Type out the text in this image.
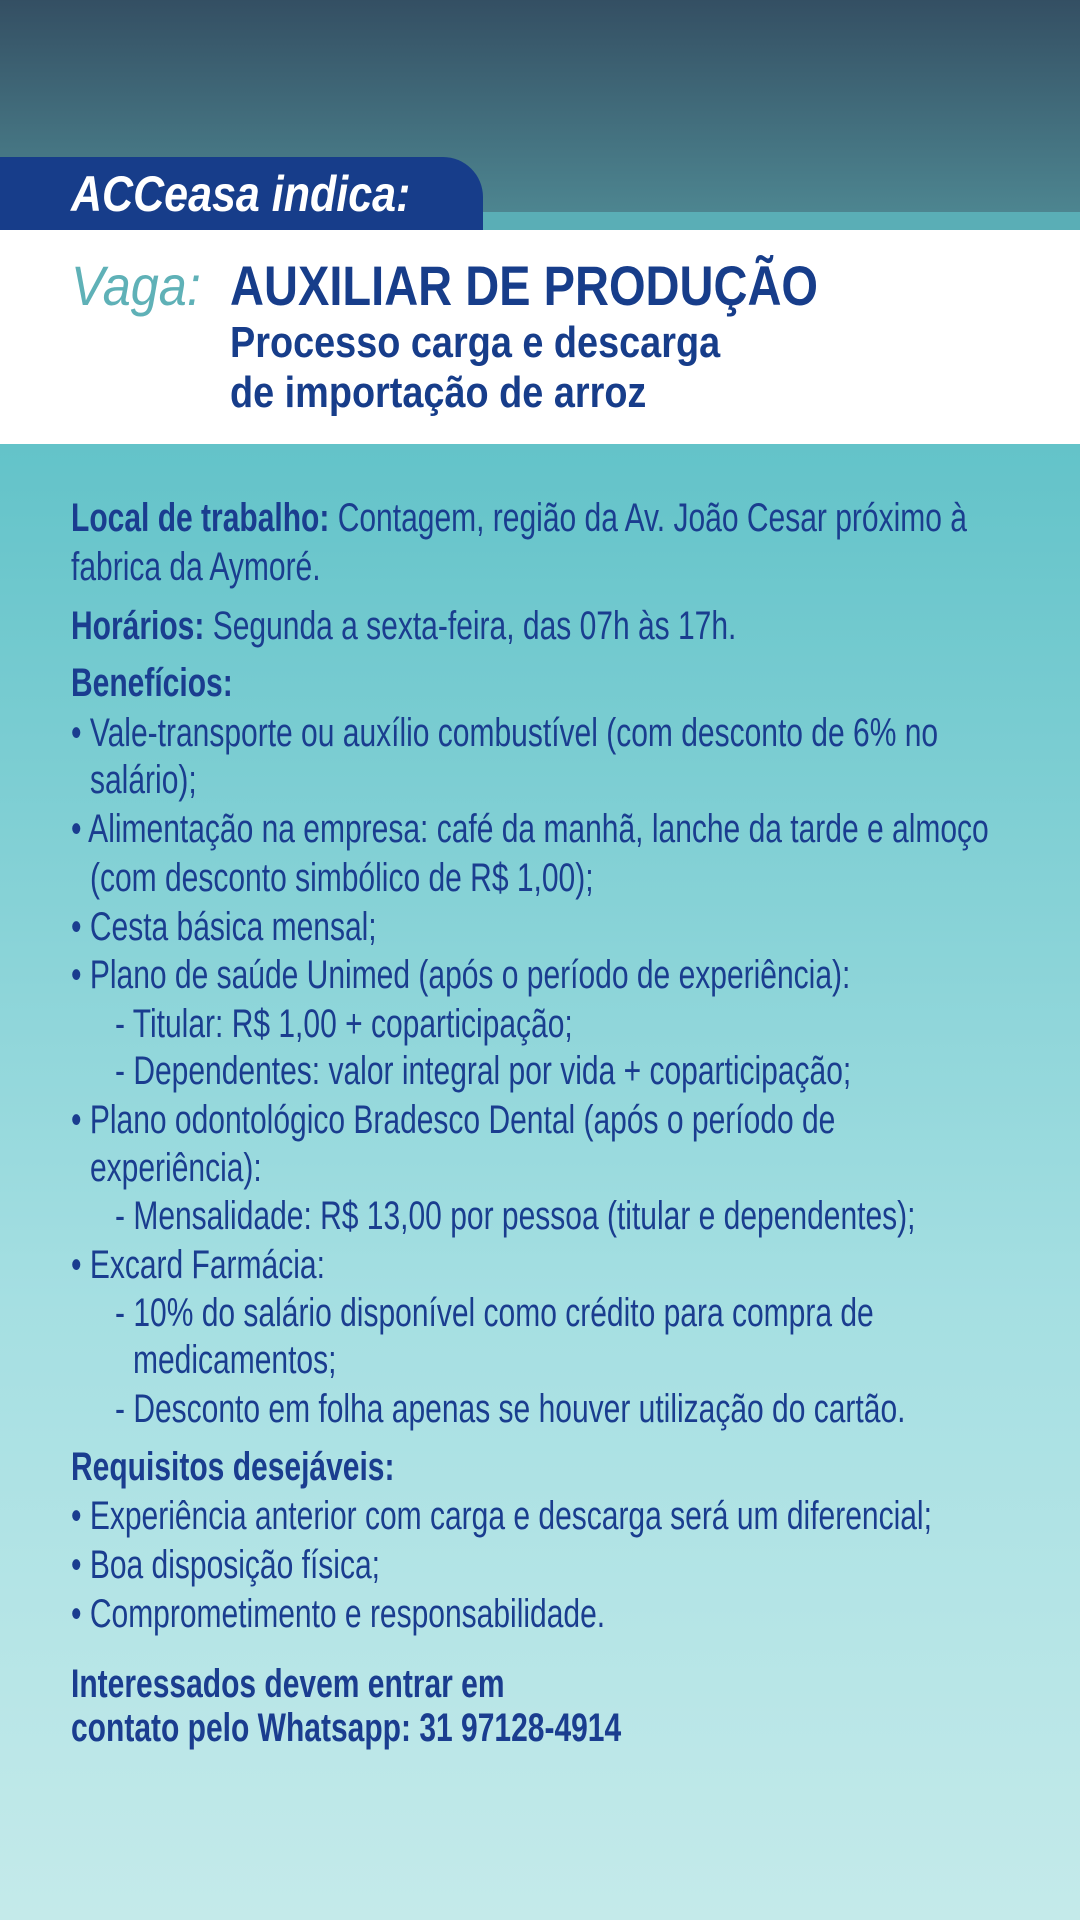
ACCeasa indica:
Vaga: AUXILIAR DE PRODUÇÃO
Processo carga e descarga
de importação de arroz
Local de trabalho: Contagem, região da Av. João Cesar próximo à
fabrica da Aymoré.
Horários: Segunda a sexta-feira, das 07h às 17h.
Benefícios:
• Vale-transporte ou auxílio combustível (com desconto de 6% no
salário);
• Alimentação na empresa: café da manhã, lanche da tarde e almoço
(com desconto simbólico de R$ 1,00);
• Cesta básica mensal;
• Plano de saúde Unimed (após o período de experiência):
- Titular: R$ 1,00 + coparticipação;
- Dependentes: valor integral por vida + coparticipação;
• Plano odontológico Bradesco Dental (após o período de
experiência):
- Mensalidade: R$ 13,00 por pessoa (titular e dependentes);
• Excard Farmácia:
- 10% do salário disponível como crédito para compra de
medicamentos;
- Desconto em folha apenas se houver utilização do cartão.
Requisitos desejáveis:
• Experiência anterior com carga e descarga será um diferencial;
• Boa disposição física;
• Comprometimento e responsabilidade.
Interessados devem entrar em
contato pelo Whatsapp: 31 97128-4914
